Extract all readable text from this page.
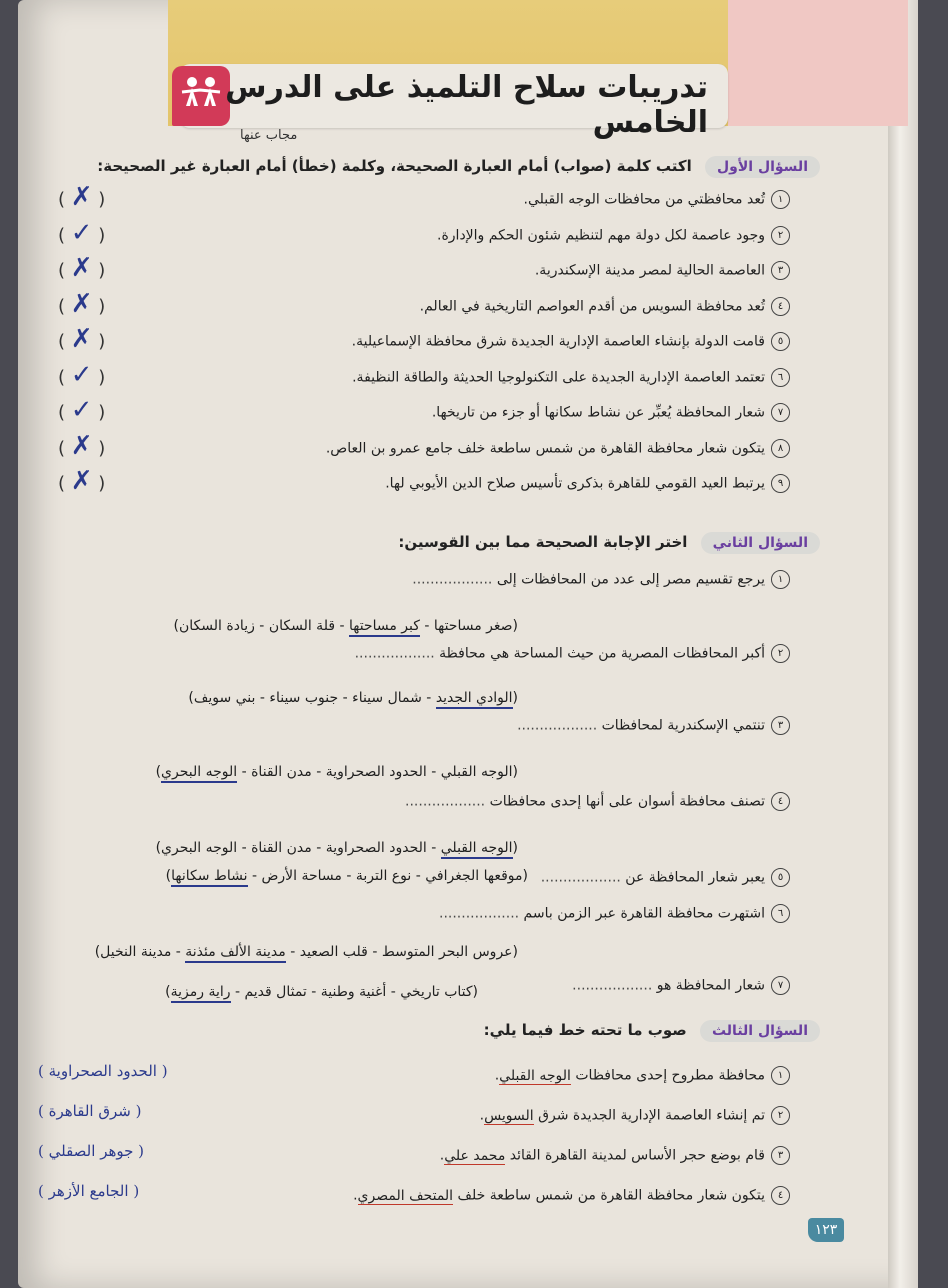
تدريبات سلاح التلميذ على الدرس الخامس
مجاب عنها
السؤال الأول اكتب كلمة (صواب) أمام العبارة الصحيحة، وكلمة (خطأ) أمام العبارة غير الصحيحة:
السؤال الثاني اختر الإجابة الصحيحة مما بين القوسين:
السؤال الثالث صوب ما تحته خط فيما يلي:
١٢٣
١تُعد محافظتي من محافظات الوجه القبلي.
( ✗ )
٢وجود عاصمة لكل دولة مهم لتنظيم شئون الحكم والإدارة.
( ✓ )
٣العاصمة الحالية لمصر مدينة الإسكندرية.
( ✗ )
٤تُعد محافظة السويس من أقدم العواصم التاريخية في العالم.
( ✗ )
٥قامت الدولة بإنشاء العاصمة الإدارية الجديدة شرق محافظة الإسماعيلية.
( ✗ )
٦تعتمد العاصمة الإدارية الجديدة على التكنولوجيا الحديثة والطاقة النظيفة.
( ✓ )
٧شعار المحافظة يُعبِّر عن نشاط سكانها أو جزء من تاريخها.
( ✓ )
٨يتكون شعار محافظة القاهرة من شمس ساطعة خلف جامع عمرو بن العاص.
( ✗ )
٩يرتبط العيد القومي للقاهرة بذكرى تأسيس صلاح الدين الأيوبي لها.
( ✗ )
١يرجع تقسيم مصر إلى عدد من المحافظات إلى ..................
(صغر مساحتها - كبر مساحتها - قلة السكان - زيادة السكان)
٢أكبر المحافظات المصرية من حيث المساحة هي محافظة ..................
(الوادي الجديد - شمال سيناء - جنوب سيناء - بني سويف)
٣تنتمي الإسكندرية لمحافظات ..................
(الوجه القبلي - الحدود الصحراوية - مدن القناة - الوجه البحري)
٤تصنف محافظة أسوان على أنها إحدى محافظات ..................
(الوجه القبلي - الحدود الصحراوية - مدن القناة - الوجه البحري)
٥يعبر شعار المحافظة عن ..................
(موقعها الجغرافي - نوع التربة - مساحة الأرض - نشاط سكانها)
٦اشتهرت محافظة القاهرة عبر الزمن باسم ..................
(عروس البحر المتوسط - قلب الصعيد - مدينة الألف مئذنة - مدينة النخيل)
٧شعار المحافظة هو ..................
(كتاب تاريخي - أغنية وطنية - تمثال قديم - راية رمزية)
١محافظة مطروح إحدى محافظات الوجه القبلي.
( الحدود الصحراوية )
٢تم إنشاء العاصمة الإدارية الجديدة شرق السويس.
( شرق القاهرة )
٣قام بوضع حجر الأساس لمدينة القاهرة القائد محمد علي.
( جوهر الصقلي )
٤يتكون شعار محافظة القاهرة من شمس ساطعة خلف المتحف المصري.
( الجامع الأزهر )
